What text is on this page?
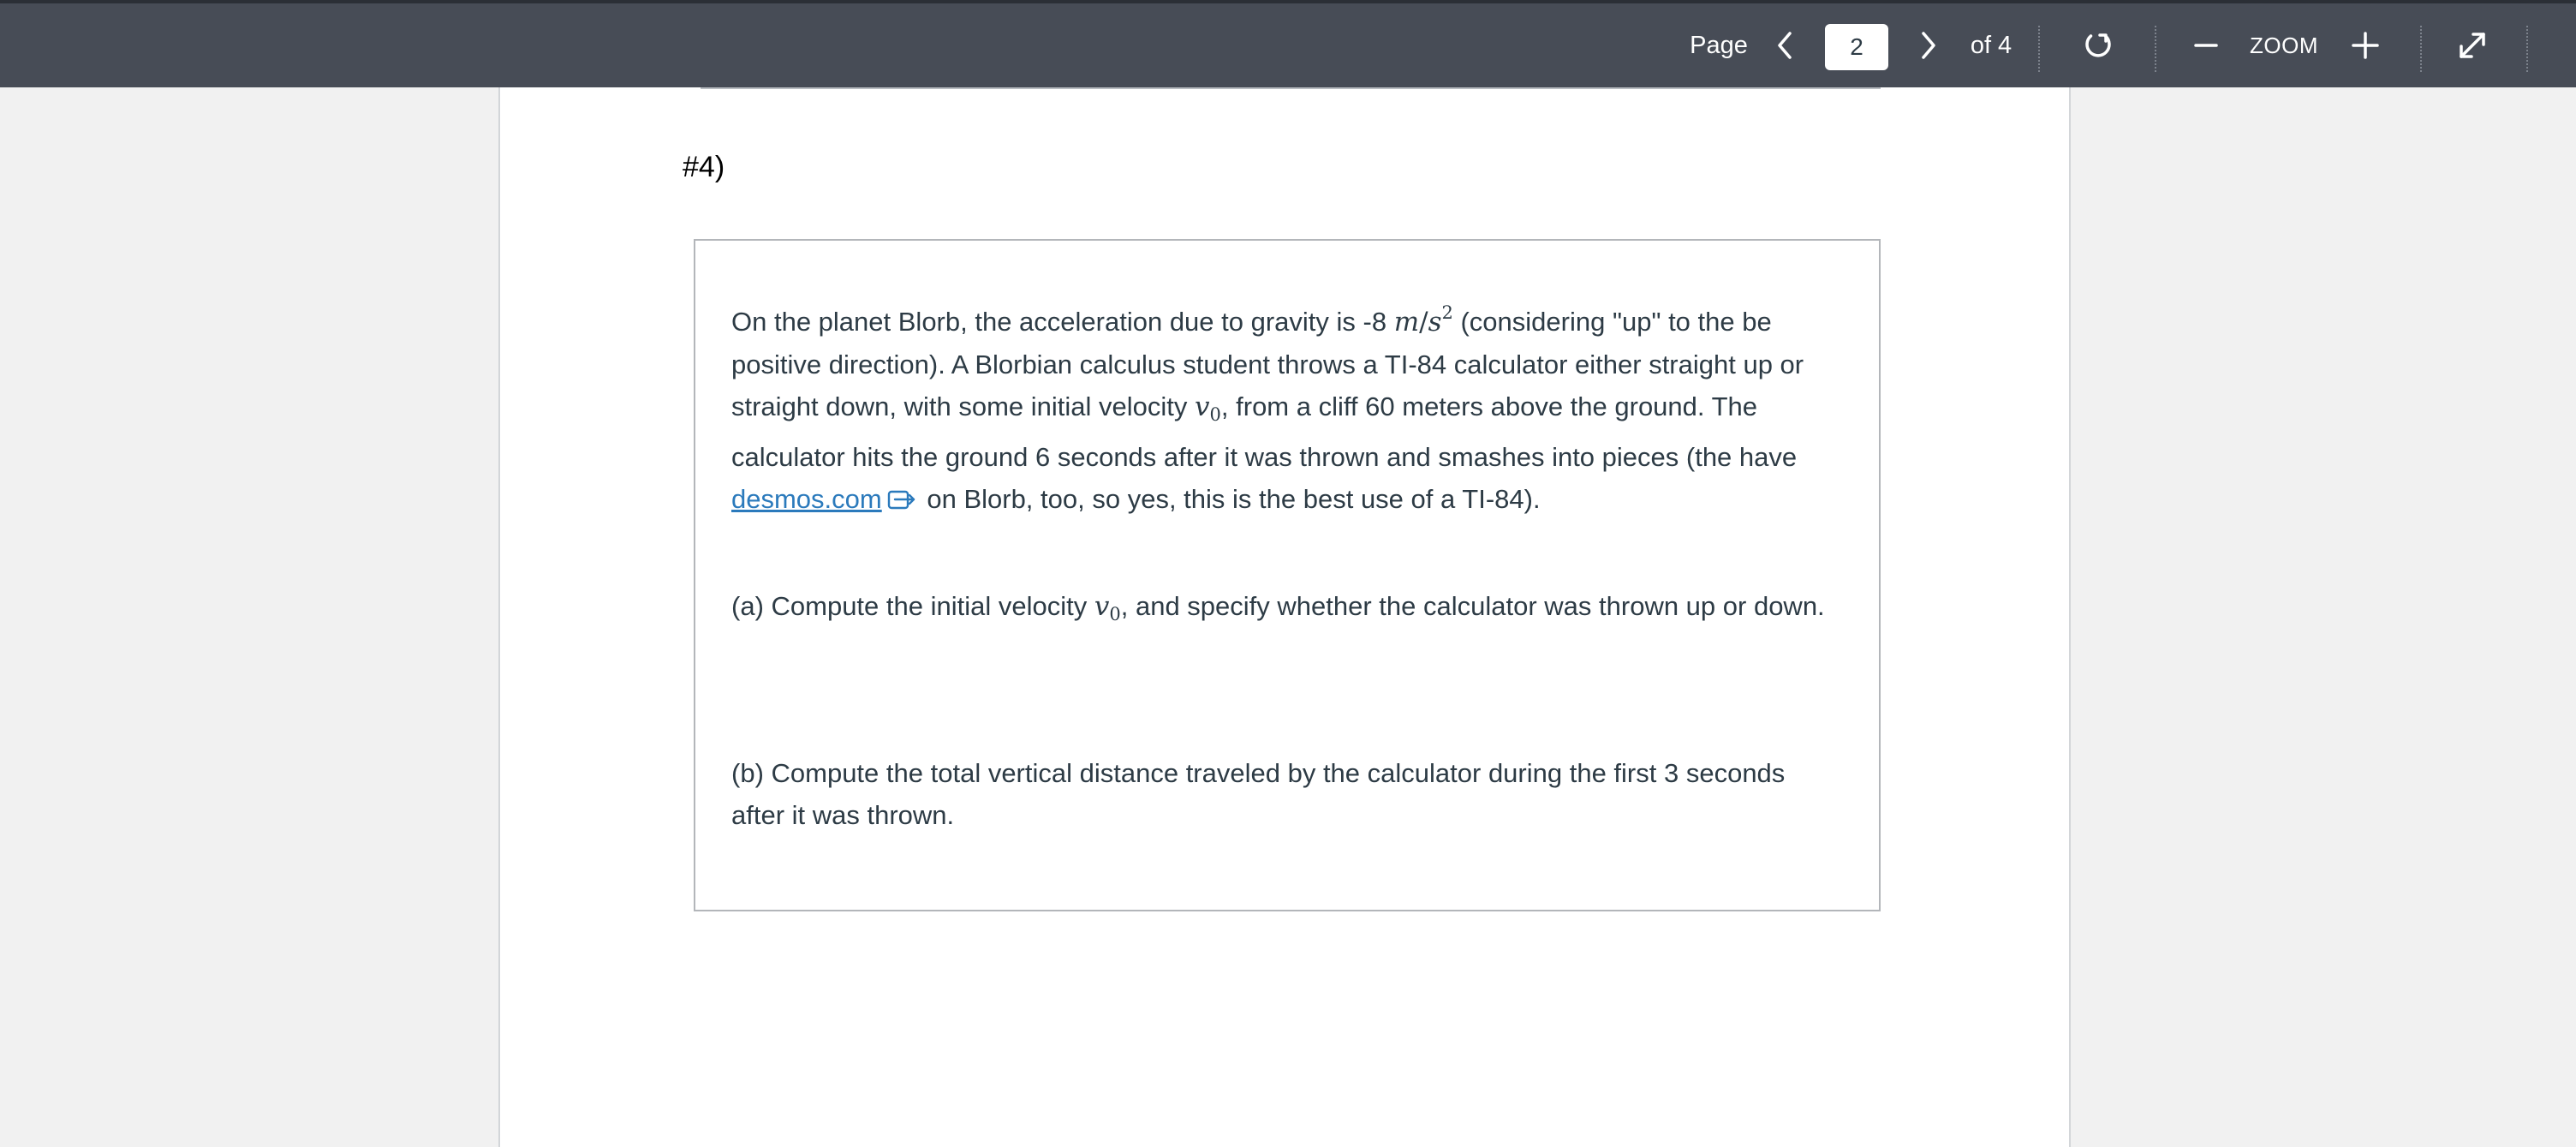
Page
2	of 4	ZOOM
#4)

On the planet Blorb, the acceleration due to gravity is -8 $m/s^2$ (considering "up" to the be positive direction). A Blorbian calculus student throws a TI-84 calculator either straight up or straight down, with some initial velocity $v_0$, from a cliff 60 meters above the ground. The calculator hits the ground 6 seconds after it was thrown and smashes into pieces (the have desmos.com
on Blorb, too, so yes, this is the best use of a TI-84).

(a) Compute the initial velocity $v_0$, and specify whether the calculator was thrown up or down.

(b) Compute the total vertical distance traveled by the calculator during the first 3 seconds after it was thrown.
